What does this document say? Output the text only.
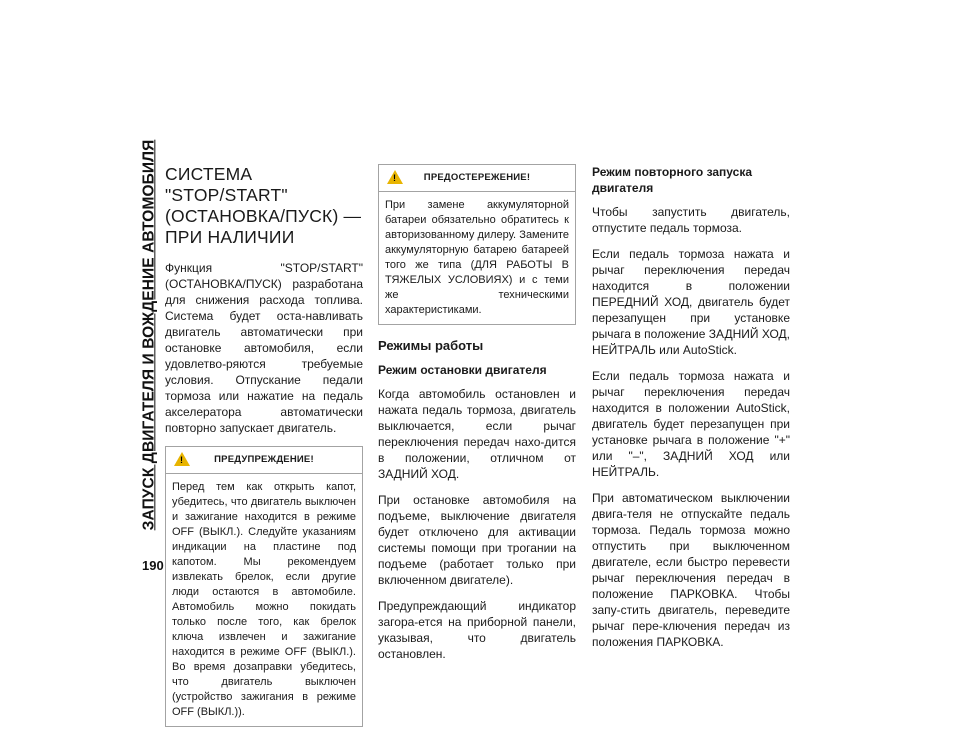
ЗАПУСК ДВИГАТЕЛЯ И ВОЖДЕНИЕ АВТОМОБИЛЯ
190
СИСТЕМА "STOP/START" (ОСТАНОВКА/ПУСК) — ПРИ НАЛИЧИИ

Функция "STOP/START" (ОСТАНОВКА/ПУСК) разработана для снижения расхода топлива. Система будет оста-навливать двигатель автоматически при остановке автомобиля, если удовлетво-ряются требуемые условия. Отпускание педали тормоза или нажатие на педаль акселератора автоматически повторно запускает двигатель.

!	ПРЕДУПРЕЖДЕНИЕ!

Перед тем как открыть капот, убедитесь, что двигатель выключен и зажигание находится в режиме OFF (ВЫКЛ.). Следуйте указаниям индикации на пластине под капотом. Мы рекомендуем извлекать брелок, если другие люди остаются в автомобиле. Автомобиль можно покидать только после того, как брелок ключа извлечен и зажигание находится в режиме OFF (ВЫКЛ.). Во время дозаправки убедитесь, что двигатель выключен (устройство зажигания в режиме OFF (ВЫКЛ.)).

!	ПРЕДОСТЕРЕЖЕНИЕ!

При замене аккумуляторной батареи обязательно обратитесь к авторизованному дилеру. Замените аккумуляторную батарею батареей того же типа (ДЛЯ РАБОТЫ В ТЯЖЕЛЫХ УСЛОВИЯХ) и с теми же техническими характеристиками.

Режимы работы
Режим остановки двигателя

Когда автомобиль остановлен и нажата педаль тормоза, двигатель выключается, если рычаг переключения передач нахо-дится в положении, отличном от ЗАДНИЙ ХОД.

При остановке автомобиля на подъеме, выключение двигателя будет отключено для активации системы помощи при трогании на подъеме (работает только при включенном двигателе).

Предупреждающий индикатор загора-ется на приборной панели, указывая, что двигатель остановлен.

Режим повторного запуска двигателя

Чтобы запустить двигатель, отпустите педаль тормоза.

Если педаль тормоза нажата и рычаг переключения передач находится в положении ПЕРЕДНИЙ ХОД, двигатель будет перезапущен при установке рычага в положение ЗАДНИЙ ХОД, НЕЙТРАЛЬ или AutoStick.

Если педаль тормоза нажата и рычаг переключения передач находится в положении AutoStick, двигатель будет перезапущен при установке рычага в положение "+" или "–", ЗАДНИЙ ХОД или НЕЙТРАЛЬ.

При автоматическом выключении двига-теля не отпускайте педаль тормоза. Педаль тормоза можно отпустить при выключенном двигателе, если быстро перевести рычаг переключения передач в положение ПАРКОВКА. Чтобы запу-стить двигатель, переведите рычаг пере-ключения передач из положения ПАРКОВКА.
